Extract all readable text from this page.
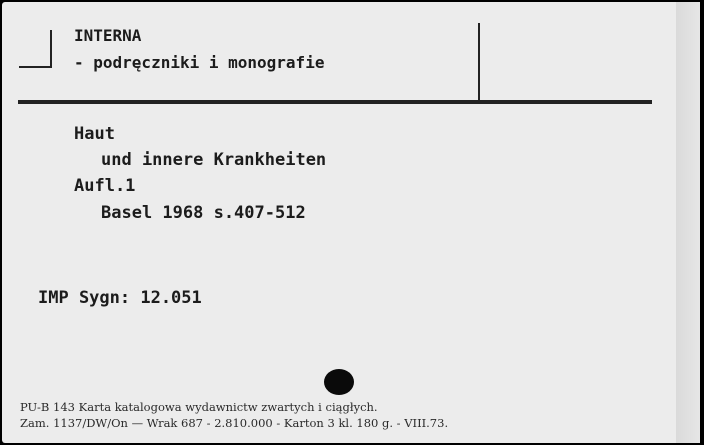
INTERNA
- podręczniki i monografie
Haut
und innere Krankheiten
Aufl.1
Basel 1968 s.407-512
IMP Sygn: 12.051
PU-B 143 Karta katalogowa wydawnictw zwartych i ciągłych.
Zam. 1137/DW/On — Wrak 687 - 2.810.000 - Karton 3 kl. 180 g. - VIII.73.
